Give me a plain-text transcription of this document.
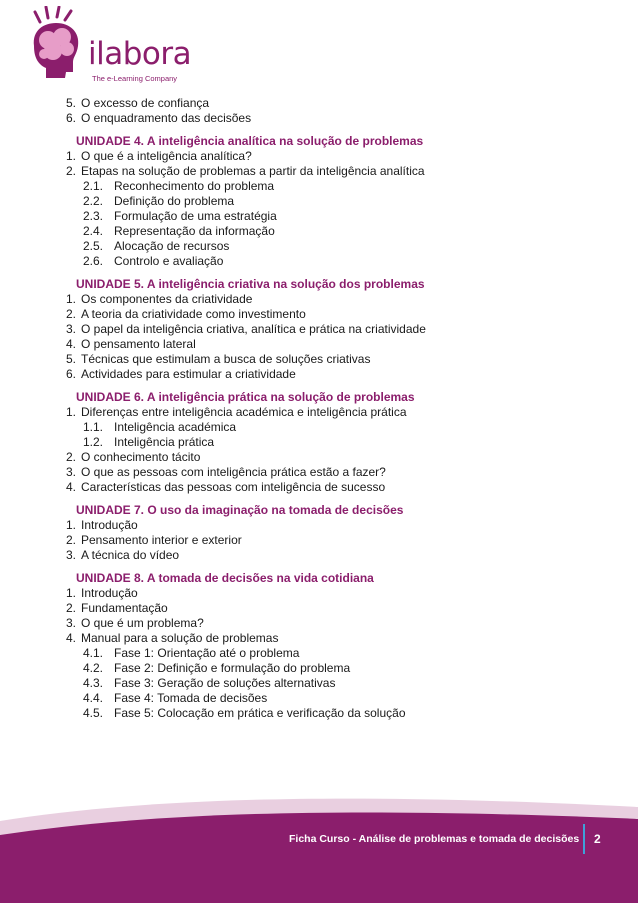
ilabora
The e-Learning Company
5. O excesso de confiança
6. O enquadramento das decisões
UNIDADE 4. A inteligência analítica na solução de problemas
1. O que é a inteligência analítica?
2. Etapas na solução de problemas a partir da inteligência analítica
2.1. Reconhecimento do problema
2.2. Definição do problema
2.3. Formulação de uma estratégia
2.4. Representação da informação
2.5. Alocação de recursos
2.6. Controlo e avaliação
UNIDADE 5. A inteligência criativa na solução dos problemas
1. Os componentes da criatividade
2. A teoria da criatividade como investimento
3. O papel da inteligência criativa, analítica e prática na criatividade
4. O pensamento lateral
5. Técnicas que estimulam a busca de soluções criativas
6. Actividades para estimular a criatividade
UNIDADE 6. A inteligência prática na solução de problemas
1. Diferenças entre inteligência académica e inteligência prática
1.1. Inteligência académica
1.2. Inteligência prática
2. O conhecimento tácito
3. O que as pessoas com inteligência prática estão a fazer?
4. Características das pessoas com inteligência de sucesso
UNIDADE 7. O uso da imaginação na tomada de decisões
1. Introdução
2. Pensamento interior e exterior
3. A técnica do vídeo
UNIDADE 8. A tomada de decisões na vida cotidiana
1. Introdução
2. Fundamentação
3. O que é um problema?
4. Manual para a solução de problemas
4.1. Fase 1: Orientação até o problema
4.2. Fase 2: Definição e formulação do problema
4.3. Fase 3: Geração de soluções alternativas
4.4. Fase 4: Tomada de decisões
4.5. Fase 5: Colocação em prática e verificação da solução
Ficha Curso - Análise de problemas e tomada de decisões 2
